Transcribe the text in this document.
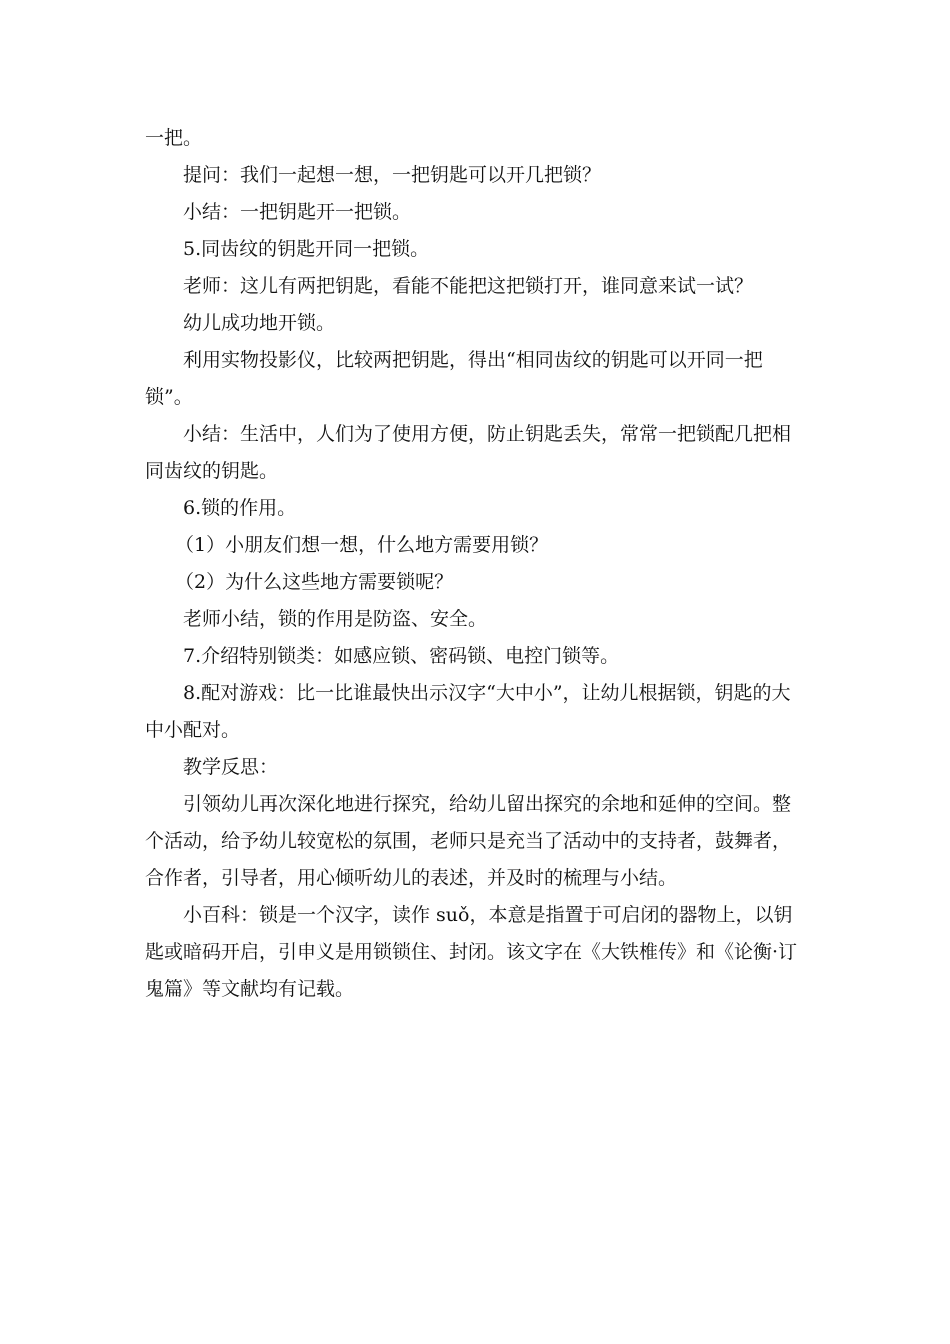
一把。

提问：我们一起想一想，一把钥匙可以开几把锁？

小结：一把钥匙开一把锁。

5.同齿纹的钥匙开同一把锁。

老师：这儿有两把钥匙，看能不能把这把锁打开，谁同意来试一试？

幼儿成功地开锁。

利用实物投影仪，比较两把钥匙，得出“相同齿纹的钥匙可以开同一把锁”。

小结：生活中，人们为了使用方便，防止钥匙丢失，常常一把锁配几把相同齿纹的钥匙。

6.锁的作用。

（1）小朋友们想一想，什么地方需要用锁？

（2）为什么这些地方需要锁呢？

老师小结，锁的作用是防盗、安全。

7.介绍特别锁类：如感应锁、密码锁、电控门锁等。

8.配对游戏：比一比谁最快出示汉字“大中小”，让幼儿根据锁，钥匙的大中小配对。

教学反思：

引领幼儿再次深化地进行探究，给幼儿留出探究的余地和延伸的空间。整个活动，给予幼儿较宽松的氛围，老师只是充当了活动中的支持者，鼓舞者，合作者，引导者，用心倾听幼儿的表述，并及时的梳理与小结。

小百科：锁是一个汉字，读作 suǒ，本意是指置于可启闭的器物上，以钥匙或暗码开启，引申义是用锁锁住、封闭。该文字在《大铁椎传》和《论衡·订鬼篇》等文献均有记载。
